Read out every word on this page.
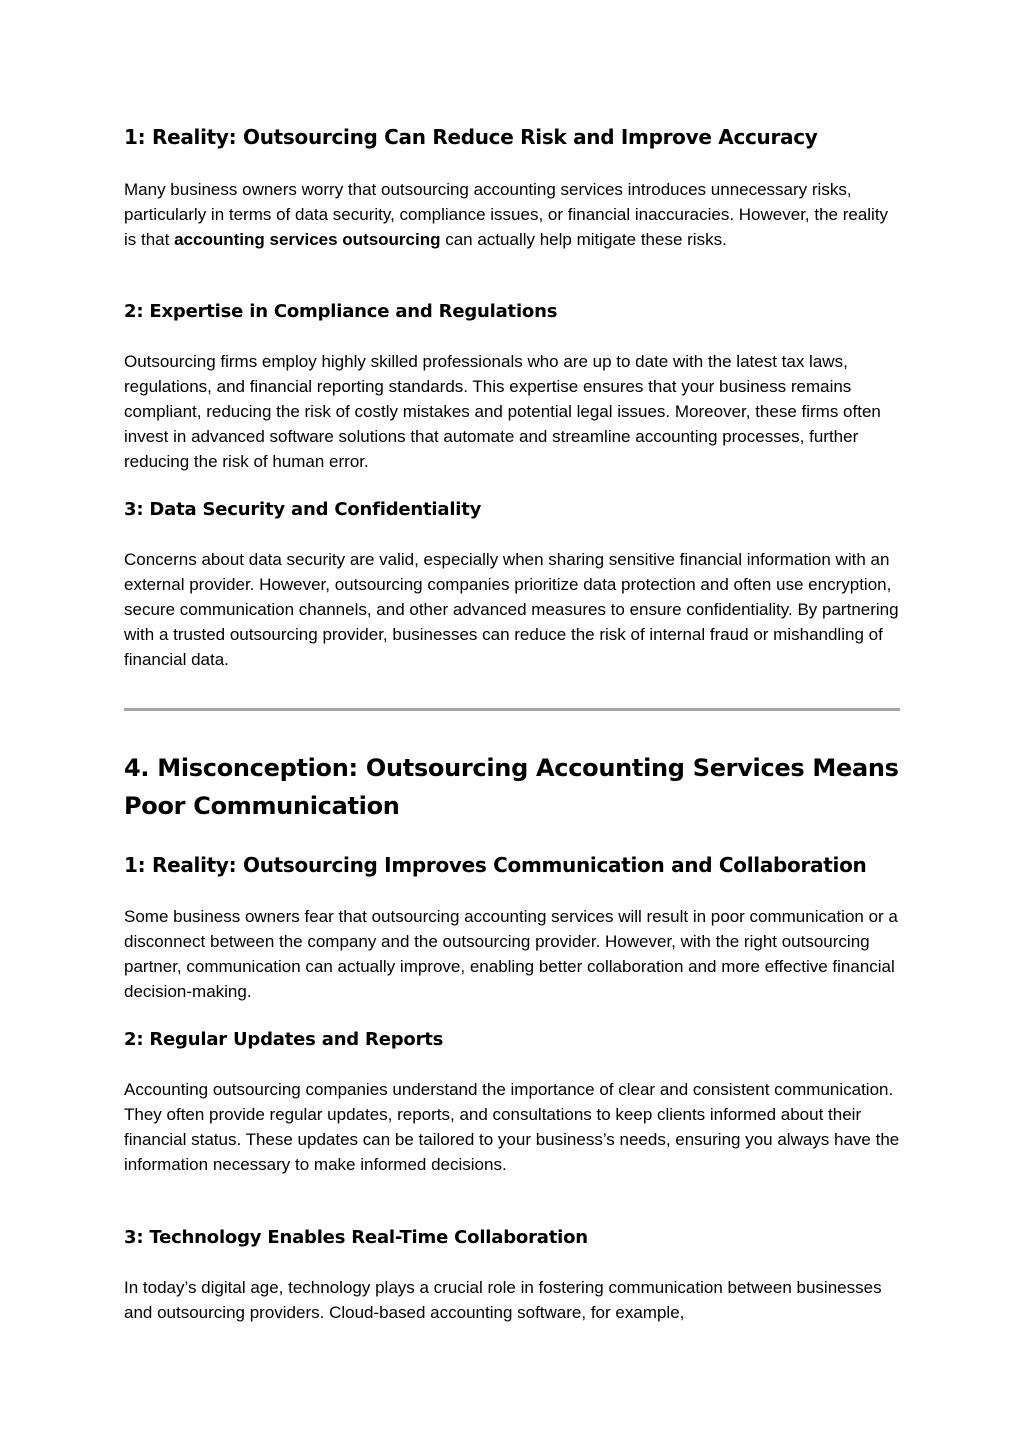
1: Reality: Outsourcing Can Reduce Risk and Improve Accuracy

Many business owners worry that outsourcing accounting services introduces unnecessary risks, particularly in terms of data security, compliance issues, or financial inaccuracies. However, the reality is that accounting services outsourcing can actually help mitigate these risks.

2: Expertise in Compliance and Regulations

Outsourcing firms employ highly skilled professionals who are up to date with the latest tax laws, regulations, and financial reporting standards. This expertise ensures that your business remains compliant, reducing the risk of costly mistakes and potential legal issues. Moreover, these firms often invest in advanced software solutions that automate and streamline accounting processes, further reducing the risk of human error.

3: Data Security and Confidentiality

Concerns about data security are valid, especially when sharing sensitive financial information with an external provider. However, outsourcing companies prioritize data protection and often use encryption, secure communication channels, and other advanced measures to ensure confidentiality. By partnering with a trusted outsourcing provider, businesses can reduce the risk of internal fraud or mishandling of financial data.

4. Misconception: Outsourcing Accounting Services Means Poor Communication
1: Reality: Outsourcing Improves Communication and Collaboration

Some business owners fear that outsourcing accounting services will result in poor communication or a disconnect between the company and the outsourcing provider. However, with the right outsourcing partner, communication can actually improve, enabling better collaboration and more effective financial decision-making.

2: Regular Updates and Reports

Accounting outsourcing companies understand the importance of clear and consistent communication. They often provide regular updates, reports, and consultations to keep clients informed about their financial status. These updates can be tailored to your business’s needs, ensuring you always have the information necessary to make informed decisions.

3: Technology Enables Real-Time Collaboration

In today’s digital age, technology plays a crucial role in fostering communication between businesses and outsourcing providers. Cloud-based accounting software, for example,
